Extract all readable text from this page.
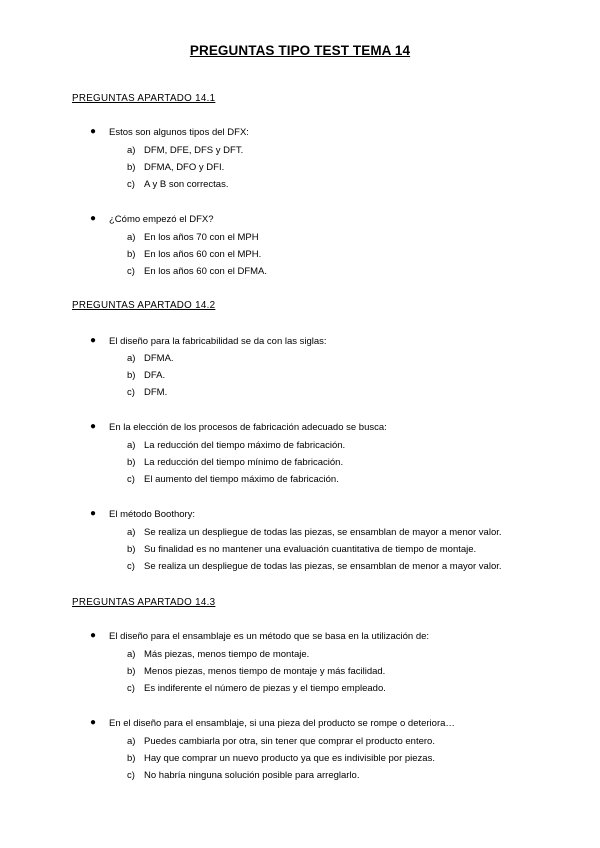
PREGUNTAS TIPO TEST TEMA 14
PREGUNTAS APARTADO 14.1
● Estos son algunos tipos del DFX:
a) DFM, DFE, DFS y DFT.
b) DFMA, DFO y DFI.
c) A y B son correctas.
● ¿Cómo empezó el DFX?
a) En los años 70 con el MPH
b) En los años 60 con el MPH.
c) En los años 60 con el DFMA.
PREGUNTAS APARTADO 14.2
● El diseño para la fabricabilidad se da con las siglas:
a) DFMA.
b) DFA.
c) DFM.
● En la elección de los procesos de fabricación adecuado se busca:
a) La reducción del tiempo máximo de fabricación.
b) La reducción del tiempo mínimo de fabricación.
c) El aumento del tiempo máximo de fabricación.
● El método Boothory:
a) Se realiza un despliegue de todas las piezas, se ensamblan de mayor a menor valor.
b) Su finalidad es no mantener una evaluación cuantitativa de tiempo de montaje.
c) Se realiza un despliegue de todas las piezas, se ensamblan de menor a mayor valor.
PREGUNTAS APARTADO 14.3
● El diseño para el ensamblaje es un método que se basa en la utilización de:
a) Más piezas, menos tiempo de montaje.
b) Menos piezas, menos tiempo de montaje y más facilidad.
c) Es indiferente el número de piezas y el tiempo empleado.
● En el diseño para el ensamblaje, si una pieza del producto se rompe o deteriora…
a) Puedes cambiarla por otra, sin tener que comprar el producto entero.
b) Hay que comprar un nuevo producto ya que es indivisible por piezas.
c) No habría ninguna solución posible para arreglarlo.
